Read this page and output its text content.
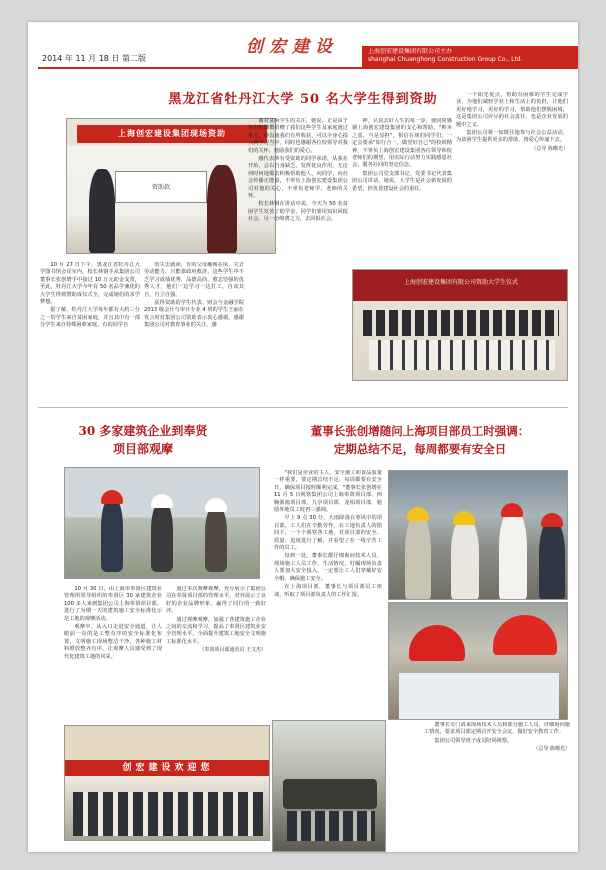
2014 年 11 月 18 日 第二版
创宏建设	上海创宏建设集团有限公司主办
shanghai Chuanghong Construction Group Co., Ltd.
黑龙江省牡丹江大学 50 名大学生得到资助
上海创宏建设集团现场资助
资助款

10 月 27 日下午，黑龙江省牡丹江大学图书馆会议室内，校长林钢手从集团公司董事长张创增手中接过 10 万元助金支票，至此，牡丹江大学今年有 50 名品学兼优的大学生得到赞助成仪式全，完成她们的求学梦想。

据了解，牡丹江大学每年都有大约三分之一的学生来自贫困家庭，并且其中有一部分学生来自特殊困难家庭。有的同学自

幼失去就读，有的父母瘫痪在床，失去劳动能力，只能靠政府救济，这些学生中不乏学习成绩优秀，品德高尚，愈志坚强的优秀人才，他们一边学习一边打工，自食其自，自立自强。

获得资助的学生代表、财会与金融学院 2013 级会计与审计专业 4 班的学生王丽在发言时对集团公司资助表示衷心感谢。感谢集团公司对教育事业的关注，感

谢对贫困学生的关注，她说，正是由于你们的慷慨捐赠了我们这些学生及家庭渡过难关，得以使我们有所收获，可以全身心投入到学习当中，同时也感谢各位校领导对我们的关怀，勉励我们的爱心。

感代表所有受资助的同学承诺，从我在开始，会以自身缺乏，发挥优良作用，无论何时何地都去积极帮助他人，向同学，向社会传播正能量，不辜负上海创宏建设集团公司对他的关心，不辜负老师学，老师的关怀。

校长林钢在讲话中说，今天为 50 名贫困学生发放了助学金，同学们要用知识回报社会，尽一份绵薄之力，去回报社会。

神，认真去好人生的每一步，使同时感谢上海创宏建设集团的支心和帮助，"帅本之基，当是显担"，相信在座的同学们，一定会要承"如行合一，做堂好自己"的校训精神，不辜负上海创宏建设集团各位领导和校老师们的期望，用实际行动努力实践感恩社会、服务社回的坚定信念。

集团公司党支部书记、党委书记代表集团公司讲话，她说，大学生是社会新发展的希望，担负着建设社会的重任。

一个阳光优点，帮助有困难的学生完成学业，为他们减轻学业上和生活上的负担，让他们更好地学习，更好的学习，帮助他们摆脱困境，这是集团公司应尽的社会责任，也是企业发展的题中之义。

集团公司将一如既往地参与社会公益活动，为贫困学生提供更多的帮助，将爱心传递下去。

（总导 陈曙光）

上海创宏建设集团有限公司资助大学生仪式
30 多家建筑企业到奉贤
项目部观摩

10 月 30 日，由上海市奉贤区建筑业管理所领导组织的奉贤区 30 家建筑企业 100 多人来到集团公司上海奉贤项目部，进行了为期一天的建筑施工安全标准化示范工地的观摩活动。

观摩中，从入口走进安全通道，让人眼前一亮的是工整有序的安全标准化布置，文明施工现场整洁干净，各种施工材料堆放整齐有序，让观摩人员感受到了现代化建筑工地的风采。

通过本次观摩观摩，充分展示了集团公司在奉贤项目部的管理水平，对外展示了良好的企业品牌形象，赢得了同行的一致好评。

通过观摩观摩，加强了各建筑施工企业之间的交流和学习，提高了奉贤区建筑业安全管理水平，全面提升建筑工地安全文明施工标准化水平。

（奉贤项目部通讯员 王文杰）

创宏建设欢迎您
董事长张创增随问上海项目部员工时强调：
定期总结不足，每周都要有安全日

"我们是企业的主人，安全施工和食品质量一样重要，要定期总结不足，每周都要有安全日，确保项目按时顺利完成。"董事长张创增在 11 月 5 日视察集团公司上海奉贤项目部、西胸浙淞项目部、九亭项目部、龙柏项目部，勉励外地员工时再三强调。

早上 9 点 30 分，大雨降落在寒风中的项目部，工人们在辛勤劳作。在工地负责人的陪同下，一个个视察各工地，对项目部的安全、质量、进度进行了解，并看望了在一线辛苦工作的员工。

每到一处，董事长都仔细询问技术人员，现场施工人员工作、生活情况，叮嘱现场负责人要加大安全投入，一定要让工人们穿戴好安全帽，确保施工安全。

在上海项目部，董事长与项目部员工座谈，听取了项目部负责人的工作汇报。

董事长专门请来现场技术人员和部分施工人员，详细询问施工情况，要求项目部定期召开安全会议，做好安全教育工作。

集团公司领导班子成员陪同视察。

（总导 陈曙光）
